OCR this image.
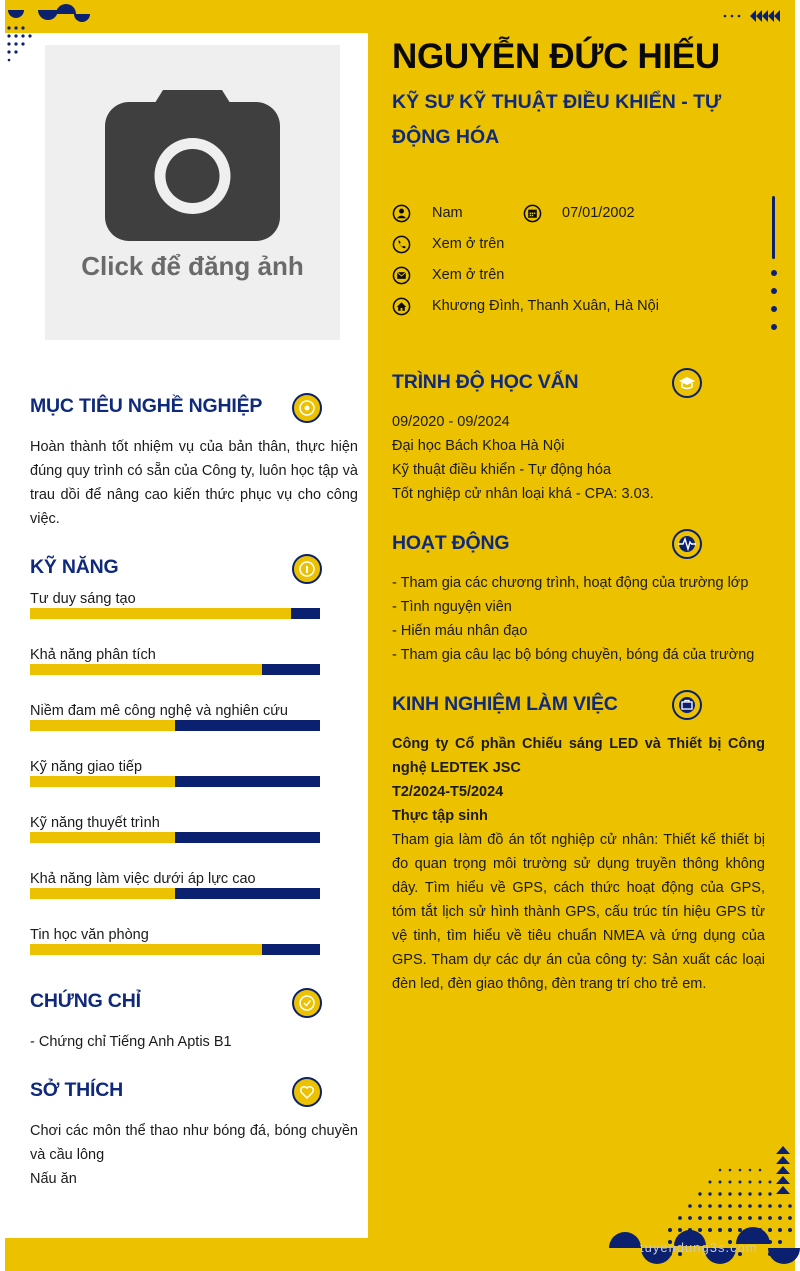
Click để đăng ảnh
MỤC TIÊU NGHỀ NGHIỆP
Hoàn thành tốt nhiệm vụ của bản thân, thực hiện đúng quy trình có sẵn của Công ty, luôn học tập và trau dồi để nâng cao kiến thức phục vụ cho công việc.
KỸ NĂNG
Tư duy sáng tạo
Khả năng phân tích
Niềm đam mê công nghệ và nghiên cứu
Kỹ năng giao tiếp
Kỹ năng thuyết trình
Khả năng làm việc dưới áp lực cao
Tin học văn phòng
CHỨNG CHỈ
- Chứng chỉ Tiếng Anh Aptis B1
SỞ THÍCH
Chơi các môn thể thao như bóng đá, bóng chuyền và cầu lông
Nấu ăn
NGUYỄN ĐỨC HIẾU
KỸ SƯ KỸ THUẬT ĐIỀU KHIỂN - TỰ ĐỘNG HÓA
Nam	07/01/2002
Xem ở trên
Xem ở trên
Khương Đình, Thanh Xuân, Hà Nội
TRÌNH ĐỘ HỌC VẤN
09/2020 - 09/2024
Đại học Bách Khoa Hà Nội
Kỹ thuật điều khiển - Tự động hóa
Tốt nghiệp cử nhân loại khá - CPA: 3.03.
HOẠT ĐỘNG
- Tham gia các chương trình, hoạt động của trường lớp
- Tình nguyện viên
- Hiến máu nhân đạo
- Tham gia câu lạc bộ bóng chuyền, bóng đá của trường
KINH NGHIỆM LÀM VIỆC
Công ty Cổ phần Chiếu sáng LED và Thiết bị Công nghệ LEDTEK JSC
T2/2024-T5/2024
Thực tập sinh
Tham gia làm đồ án tốt nghiệp cử nhân: Thiết kế thiết bị đo quan trọng môi trường sử dụng truyền thông không dây. Tìm hiểu về GPS, cách thức hoạt động của GPS, tóm tắt lịch sử hình thành GPS, cấu trúc tín hiệu GPS từ vệ tinh, tìm hiểu về tiêu chuẩn NMEA và ứng dụng của GPS. Tham dự các dự án của công ty: Sản xuất các loại đèn led, đèn giao thông, đèn trang trí cho trẻ em.
tuyendung3s.com
